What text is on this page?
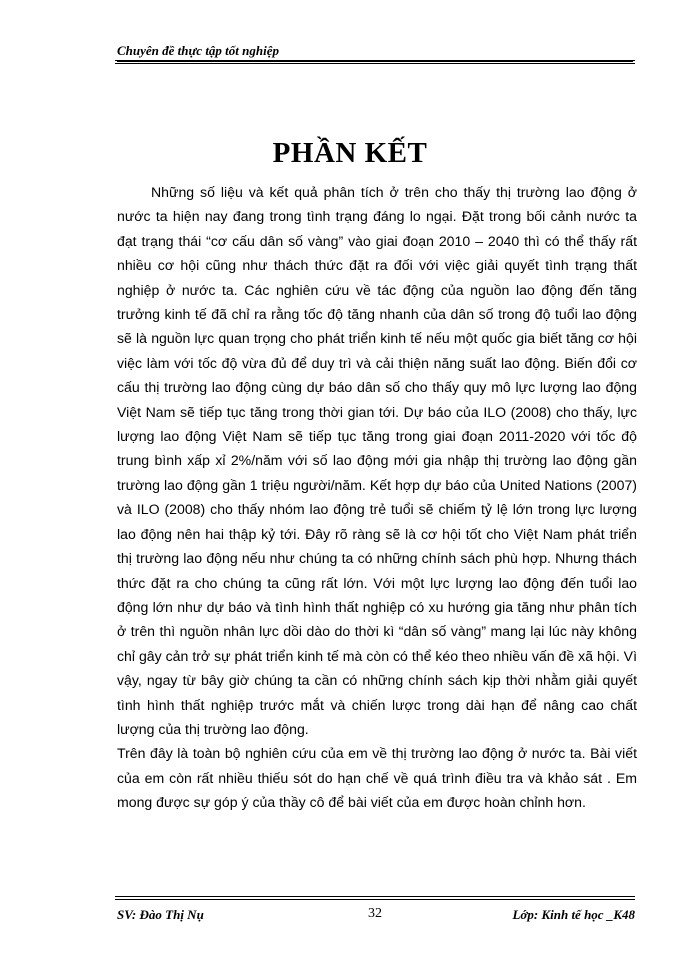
Chuyên đề thực tập tốt nghiệp
PHẦN KẾT

Những số liệu và kết quả phân tích ở trên cho thấy thị trường lao động ở nước ta hiện nay đang trong tình trạng đáng lo ngại. Đặt trong bối cảnh nước ta đạt trạng thái “cơ cấu dân số vàng” vào giai đoạn 2010 – 2040 thì có thể thấy rất nhiều cơ hội cũng như thách thức đặt ra đối với việc giải quyết tình trạng thất nghiệp ở nước ta. Các nghiên cứu về tác động của nguồn lao động đến tăng trưởng kinh tế đã chỉ ra rằng tốc độ tăng nhanh của dân số trong độ tuổi lao động sẽ là nguồn lực quan trọng cho phát triển kinh tế nếu một quốc gia biết tăng cơ hội việc làm với tốc độ vừa đủ để duy trì và cải thiện năng suất lao động. Biến đổi cơ cấu thị trường lao động cùng dự báo dân số cho thấy quy mô lực lượng lao động Việt Nam sẽ tiếp tục tăng trong thời gian tới. Dự báo của ILO (2008) cho thấy, lực lượng lao động Việt Nam sẽ tiếp tục tăng trong giai đoạn 2011-2020 với tốc độ trung bình xấp xỉ 2%/năm với số lao động mới gia nhập thị trường lao động gần trường lao động gần 1 triệu người/năm. Kết hợp dự báo của United Nations (2007) và ILO (2008) cho thấy nhóm lao động trẻ tuổi sẽ chiếm tỷ lệ lớn trong lực lượng lao động nên hai thập kỷ tới. Đây rõ ràng sẽ là cơ hội tốt cho Việt Nam phát triển thị trường lao động nếu như chúng ta có những chính sách phù hợp. Nhưng thách thức đặt ra cho chúng ta cũng rất lớn. Với một lực lượng lao động đến tuổi lao động lớn như dự báo và tình hình thất nghiệp có xu hướng gia tăng như phân tích ở trên thì nguồn nhân lực dồi dào do thời kì “dân số vàng” mang lại lúc này không chỉ gây cản trở sự phát triển kinh tế mà còn có thể kéo theo nhiều vấn đề xã hội. Vì vậy, ngay từ bây giờ chúng ta cần có những chính sách kịp thời nhằm giải quyết tình hình thất nghiệp trước mắt và chiến lược trong dài hạn để nâng cao chất lượng của thị trường lao động.

Trên đây là toàn bộ nghiên cứu của em về thị trường lao động ở nước ta. Bài viết của em còn rất nhiều thiếu sót do hạn chế về quá trình điều tra và khảo sát . Em mong được sự góp ý của thầy cô để bài viết của em được hoàn chỉnh hơn.

SV: Đào Thị Nụ	32	Lớp: Kinh tế học _K48
